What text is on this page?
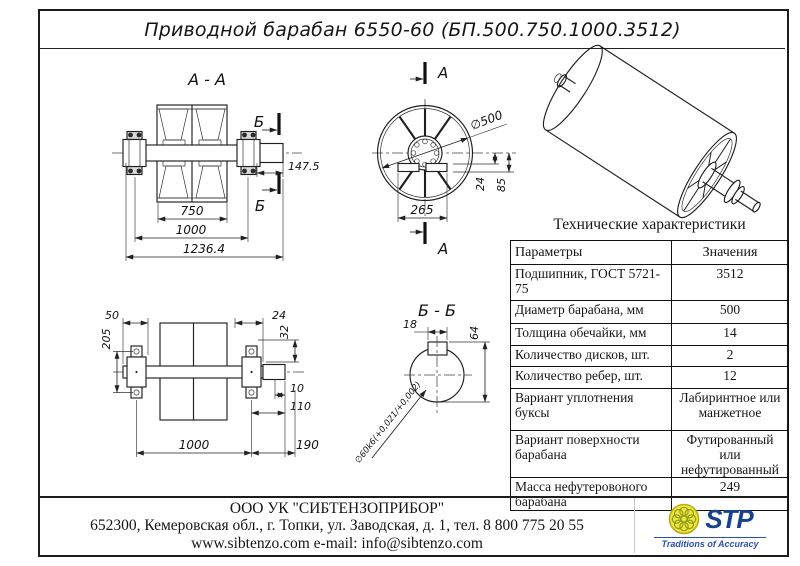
Приводной барабан 6550-60 (БП.500.750.1000.3512)
А - А
Б
Б
147.5
750
1000
1236.4
А
А
∅500
265
24 85
50
205
24
32
10
110
1000	190
Б - Б
18
64
∅60k6(+0,021/+0,002)
Технические характеристики
Параметры	Значения
Подшипник, ГОСТ 5721-75	3512
Диаметр барабана, мм	500
Толщина обечайки, мм	14
Количество дисков, шт.	2
Количество ребер, шт.	12
Вариант уплотнения буксы	Лабиринтное или манжетное
Вариант поверхности барабана	Футированный или нефутированный
Масса нефутеровоного барабана	249
ООО УК "СИБТЕНЗОПРИБОР"
652300, Кемеровская обл., г. Топки, ул. Заводская, д. 1, тел. 8 800 775 20 55
www.sibtenzo.com e-mail: info@sibtenzo.com
STP
Traditions of Accuracy
